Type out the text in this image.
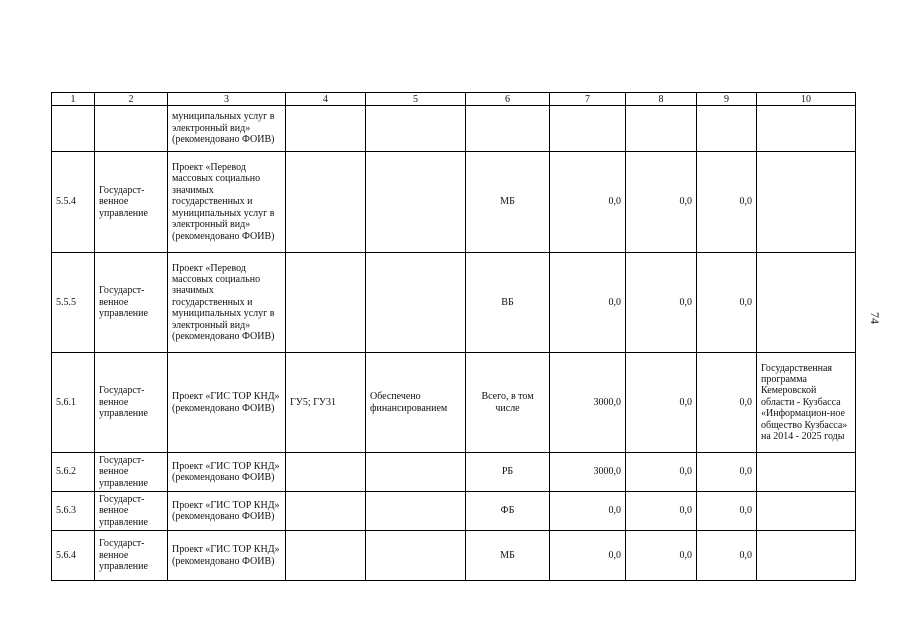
74
1	2	3	4	5	6	7	8	9	10
		муниципальных услуг в электронный вид» (рекомендовано ФОИВ)							
5.5.4	Государст-венное управление	Проект «Перевод массовых социально значимых государственных и муниципальных услуг в электронный вид» (рекомендовано ФОИВ)			МБ	0,0	0,0	0,0	
5.5.5	Государст-венное управление	Проект «Перевод массовых социально значимых государственных и муниципальных услуг в электронный вид» (рекомендовано ФОИВ)			ВБ	0,0	0,0	0,0	
5.6.1	Государст-венное управление	Проект «ГИС ТОР КНД» (рекомендовано ФОИВ)	ГУ5; ГУ31	Обеспечено финансированием	Всего, в том числе	3000,0	0,0	0,0	Государственная программа Кемеровской области - Кузбасса «Информацион-ное общество Кузбасса» на 2014 - 2025 годы
5.6.2	Государст-венное управление	Проект «ГИС ТОР КНД» (рекомендовано ФОИВ)			РБ	3000,0	0,0	0,0	
5.6.3	Государст-венное управление	Проект «ГИС ТОР КНД» (рекомендовано ФОИВ)			ФБ	0,0	0,0	0,0	
5.6.4	Государст-венное управление	Проект «ГИС ТОР КНД» (рекомендовано ФОИВ)			МБ	0,0	0,0	0,0	
